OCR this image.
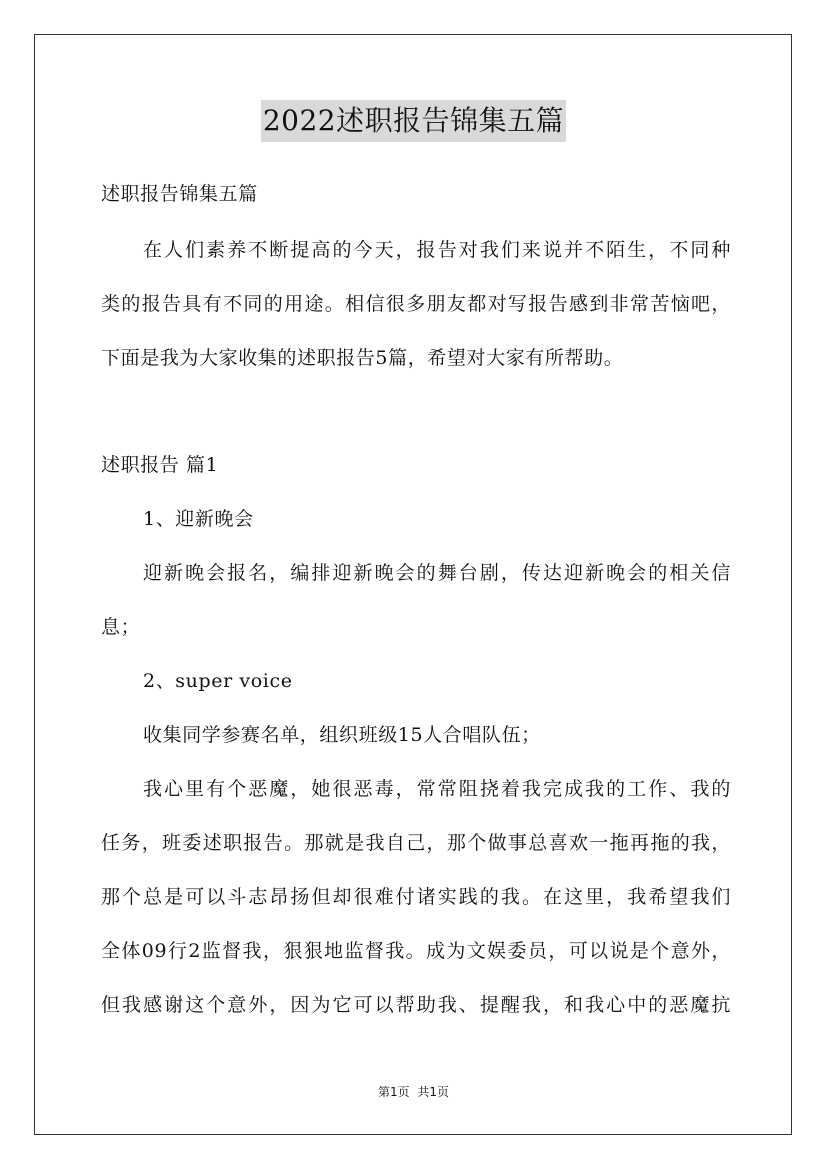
2022述职报告锦集五篇
述职报告锦集五篇
在人们素养不断提高的今天，报告对我们来说并不陌生，不同种
类的报告具有不同的用途。相信很多朋友都对写报告感到非常苦恼吧，
下面是我为大家收集的述职报告5篇，希望对大家有所帮助。
述职报告 篇1
1、迎新晚会
迎新晚会报名，编排迎新晚会的舞台剧，传达迎新晚会的相关信
息；
2、super voice
收集同学参赛名单，组织班级15人合唱队伍；
我心里有个恶魔，她很恶毒，常常阻挠着我完成我的工作、我的
任务，班委述职报告。那就是我自己，那个做事总喜欢一拖再拖的我，
那个总是可以斗志昂扬但却很难付诸实践的我。在这里，我希望我们
全体09行2监督我，狠狠地监督我。成为文娱委员，可以说是个意外，
但我感谢这个意外，因为它可以帮助我、提醒我，和我心中的恶魔抗
第1页 共1页
